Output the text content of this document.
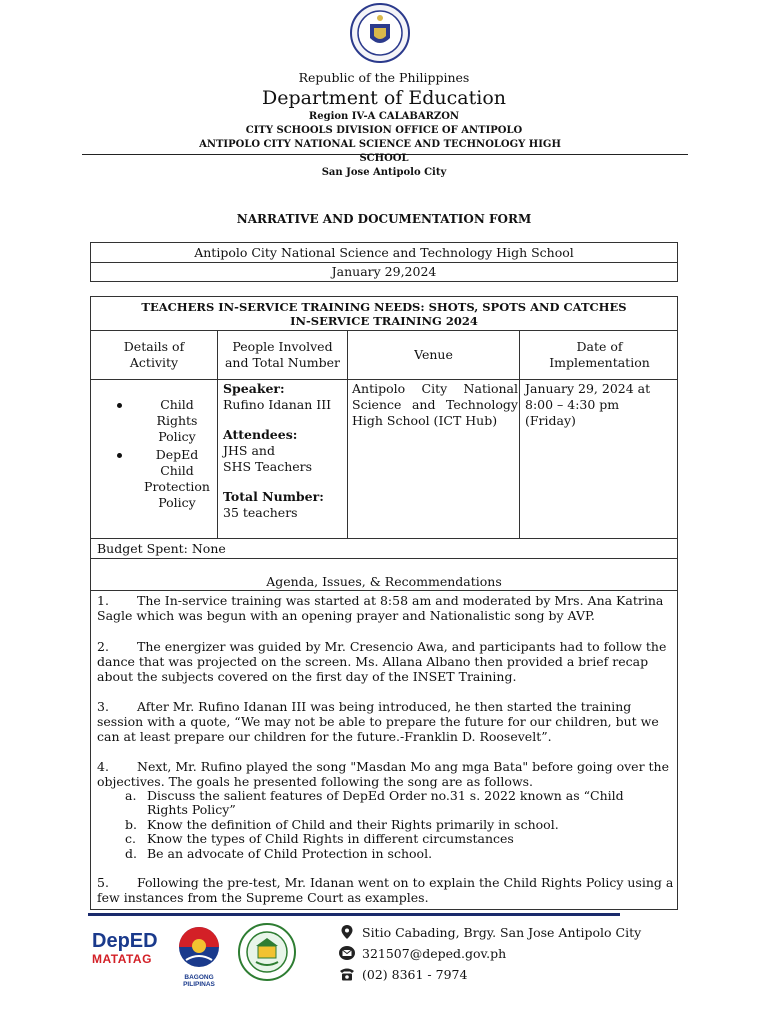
Republic of the Philippines
Department of Education
Region IV-A CALABARZON
CITY SCHOOLS DIVISION OFFICE OF ANTIPOLO
ANTIPOLO CITY NATIONAL SCIENCE AND TECHNOLOGY HIGH
SCHOOL
San Jose Antipolo City
NARRATIVE AND DOCUMENTATION FORM
Antipolo City National Science and Technology High School
January 29,2024
TEACHERS IN-SERVICE TRAINING NEEDS: SHOTS, SPOTS AND CATCHES
IN-SERVICE TRAINING 2024
Details of Activity
People Involved and Total Number
Venue
Date of Implementation
Child Rights Policy
DepEd Child Protection Policy
Speaker:
Rufino Idanan III
Attendees:
JHS and
SHS Teachers
Total Number:
35 teachers
Antipolo City National Science and Technology High School (ICT Hub)
January 29, 2024 at 8:00 – 4:30 pm (Friday)
Budget Spent: None
Agenda, Issues, & Recommendations
1. The In-service training was started at 8:58 am and moderated by Mrs. Ana Katrina Sagle which was begun with an opening prayer and Nationalistic song by AVP.
2. The energizer was guided by Mr. Cresencio Awa, and participants had to follow the dance that was projected on the screen. Ms. Allana Albano then provided a brief recap about the subjects covered on the first day of the INSET Training.
3. After Mr. Rufino Idanan III was being introduced, he then started the training session with a quote, “We may not be able to prepare the future for our children, but we can at least prepare our children for the future.-Franklin D. Roosevelt”.
4. Next, Mr. Rufino played the song "Masdan Mo ang mga Bata" before going over the objectives. The goals he presented following the song are as follows.
a. Discuss the salient features of DepEd Order no.31 s. 2022 known as “Child Rights Policy”
b. Know the definition of Child and their Rights primarily in school.
c. Know the types of Child Rights in different circumstances
d. Be an advocate of Child Protection in school.
5. Following the pre-test, Mr. Idanan went on to explain the Child Rights Policy using a few instances from the Supreme Court as examples.
DepED
MATATAG
BAGONG PILIPINAS
Sitio Cabading, Brgy. San Jose Antipolo City
321507@deped.gov.ph
(02) 8361 - 7974
